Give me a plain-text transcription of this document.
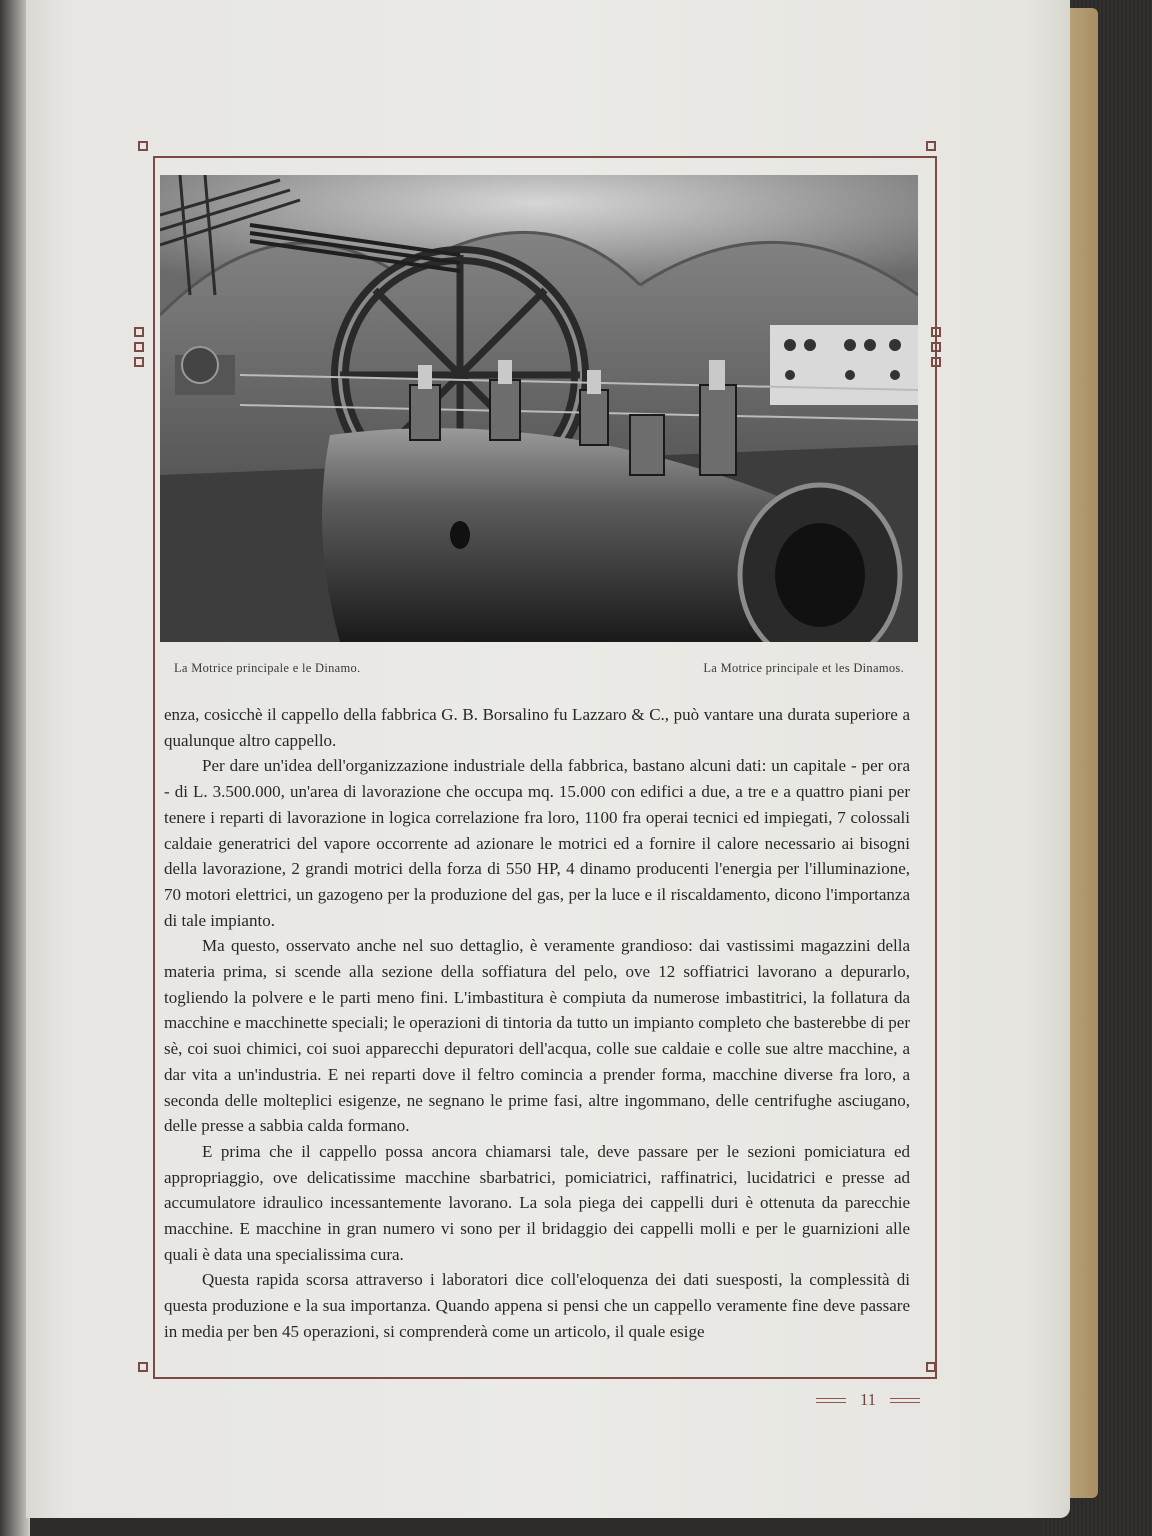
La Motrice principale e le Dinamo.	La Motrice principale et les Dinamos.

enza, cosicchè il cappello della fabbrica G. B. Borsalino fu Lazzaro & C., può vantare una durata superiore a qualunque altro cappello.

Per dare un'idea dell'organizzazione industriale della fabbrica, bastano alcuni dati: un capitale - per ora - di L. 3.500.000, un'area di lavorazione che occupa mq. 15.000 con edifici a due, a tre e a quattro piani per tenere i reparti di lavorazione in logica correlazione fra loro, 1100 fra operai tecnici ed impiegati, 7 colossali caldaie generatrici del vapore occorrente ad azionare le motrici ed a fornire il calore necessario ai bisogni della lavorazione, 2 grandi motrici della forza di 550 HP, 4 dinamo producenti l'energia per l'illuminazione, 70 motori elettrici, un gazogeno per la produzione del gas, per la luce e il riscaldamento, dicono l'importanza di tale impianto.

Ma questo, osservato anche nel suo dettaglio, è veramente grandioso: dai vastissimi magazzini della materia prima, si scende alla sezione della soffiatura del pelo, ove 12 soffiatrici lavorano a depurarlo, togliendo la polvere e le parti meno fini. L'imbastitura è compiuta da numerose imbastitrici, la follatura da macchine e macchinette speciali; le operazioni di tintoria da tutto un impianto completo che basterebbe di per sè, coi suoi chimici, coi suoi apparecchi depuratori dell'acqua, colle sue caldaie e colle sue altre macchine, a dar vita a un'industria. E nei reparti dove il feltro comincia a prender forma, macchine diverse fra loro, a seconda delle molteplici esigenze, ne segnano le prime fasi, altre ingommano, delle centrifughe asciugano, delle presse a sabbia calda formano.

E prima che il cappello possa ancora chiamarsi tale, deve passare per le sezioni pomiciatura ed appropriaggio, ove delicatissime macchine sbarbatrici, pomiciatrici, raffinatrici, lucidatrici e presse ad accumulatore idraulico incessantemente lavorano. La sola piega dei cappelli duri è ottenuta da parecchie macchine. E macchine in gran numero vi sono per il bridaggio dei cappelli molli e per le guarnizioni alle quali è data una specialissima cura.

Questa rapida scorsa attraverso i laboratori dice coll'eloquenza dei dati suesposti, la complessità di questa produzione e la sua importanza. Quando appena si pensi che un cappello veramente fine deve passare in media per ben 45 operazioni, si comprenderà come un articolo, il quale esige

11
